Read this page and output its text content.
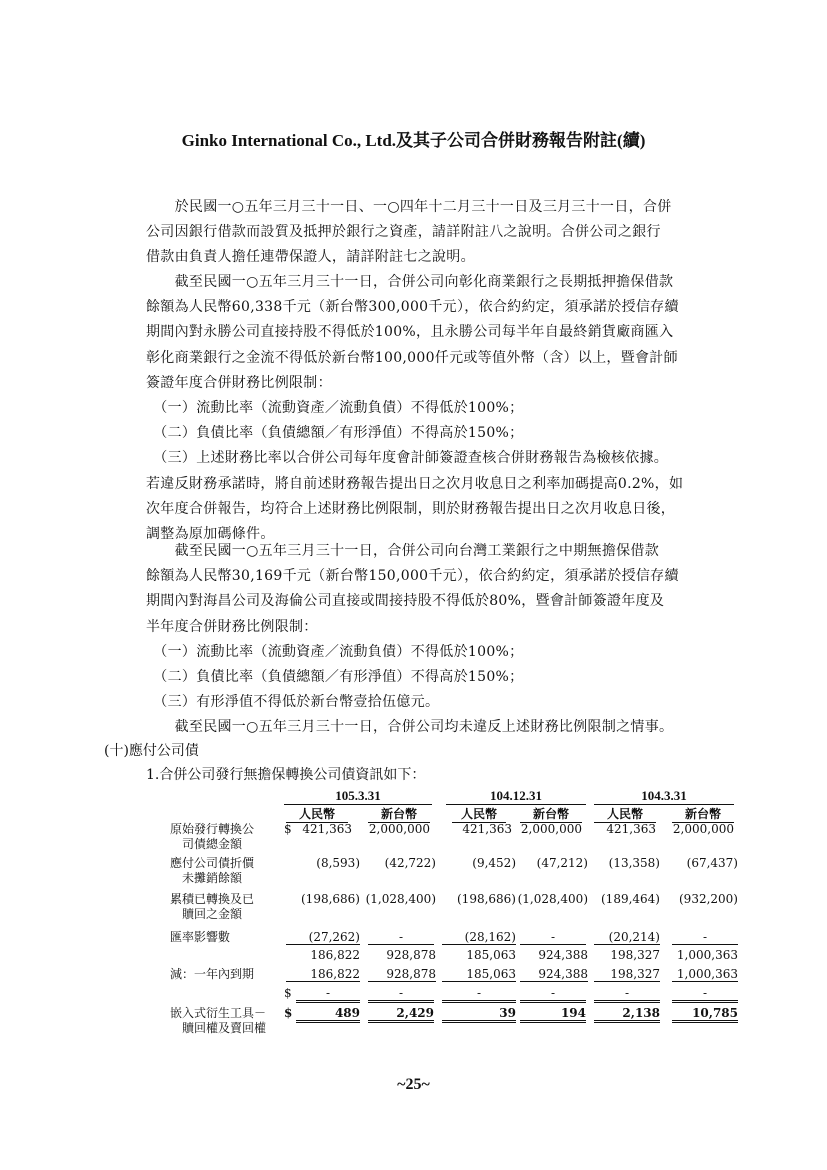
Ginko International Co., Ltd.及其子公司合併財務報告附註(續)
　　於民國一○五年三月三十一日、一○四年十二月三十一日及三月三十一日，合併
公司因銀行借款而設質及抵押於銀行之資產，請詳附註八之說明。合併公司之銀行
借款由負責人擔任連帶保證人，請詳附註七之說明。
　　截至民國一○五年三月三十一日，合併公司向彰化商業銀行之長期抵押擔保借款
餘額為人民幣60,338千元（新台幣300,000千元），依合約約定，須承諾於授信存續
期間內對永勝公司直接持股不得低於100%，且永勝公司每半年自最終銷貨廠商匯入
彰化商業銀行之金流不得低於新台幣100,000仟元或等值外幣（含）以上，暨會計師
簽證年度合併財務比例限制：
　（一）流動比率（流動資產／流動負債）不得低於100%；
　（二）負債比率（負債總額／有形淨值）不得高於150%；
　（三）上述財務比率以合併公司每年度會計師簽證查核合併財務報告為檢核依據。
若違反財務承諾時，將自前述財務報告提出日之次月收息日之利率加碼提高0.2%，如
次年度合併報告，均符合上述財務比例限制，則於財務報告提出日之次月收息日後，
調整為原加碼條件。
　　截至民國一○五年三月三十一日，合併公司向台灣工業銀行之中期無擔保借款
餘額為人民幣30,169千元（新台幣150,000千元），依合約約定，須承諾於授信存續
期間內對海昌公司及海倫公司直接或間接持股不得低於80%，暨會計師簽證年度及
半年度合併財務比例限制：
　（一）流動比率（流動資產／流動負債）不得低於100%；
　（二）負債比率（負債總額／有形淨值）不得高於150%；
　（三）有形淨值不得低於新台幣壹拾伍億元。
　　截至民國一○五年三月三十一日，合併公司均未違反上述財務比例限制之情事。
(十)應付公司債
1.合併公司發行無擔保轉換公司債資訊如下：
105.3.31	104.12.31	104.3.31
人民幣	新台幣	人民幣	新台幣	人民幣	新台幣
原始發行轉換公
司債總金額
$ 421,363	2,000,000	421,363 2,000,000	421,363	2,000,000
應付公司債折價
未攤銷餘額
(8,593)	(42,722)	(9,452)	(47,212)	(13,358)	(67,437)
累積已轉換及已
贖回之金額
(198,686) (1,028,400)	(198,686) (1,028,400)	(189,464)	(932,200)
匯率影響數	(27,262)	-	(28,162)	-	(20,214)	-
186,822	928,878	185,063	924,388	198,327	1,000,363
減：一年內到期	186,822	928,878	185,063	924,388	198,327	1,000,363
$	-	-	-	-	-	-
嵌入式衍生工具－
贖回權及賣回權
$	489	2,429	39	194	2,138	10,785
~25~
